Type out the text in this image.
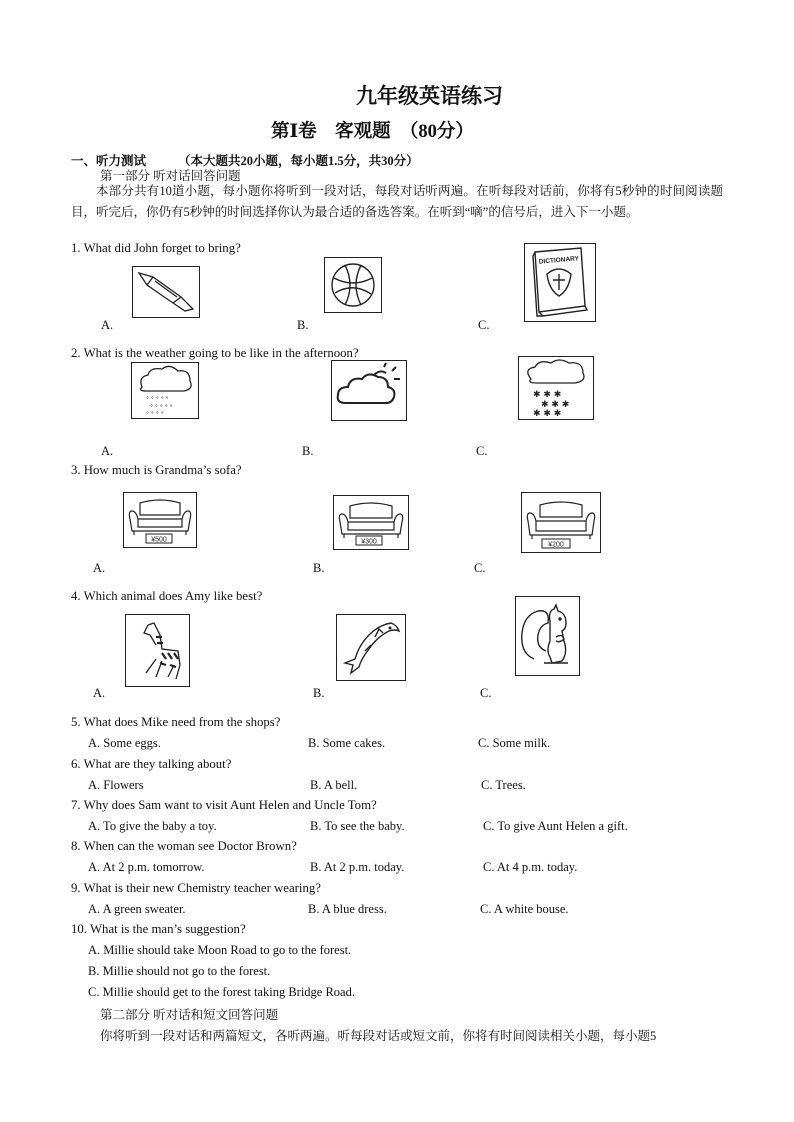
九年级英语练习
第Ⅰ卷　客观题　（80分）
一、听力测试	（本大题共20小题，每小题1.5分，共30分）
第一部分 听对话回答问题
本部分共有10道小题，每小题你将听到一段对话，每段对话听两遍。在听每段对话前，你将有5秒钟的时间阅读题目，听完后，你仍有5秒钟的时间选择你认为最合适的备选答案。在听到“嘀”的信号后，进入下一小题。
1. What did John forget to bring?
DICTIONARY
A.	B.	C.
2. What is the weather going to be like in the afternoon?
° ° ° ° °
° ° ° ° °
° ° ° °
✱ ✱ ✱
✱ ✱ ✱
✱ ✱ ✱
A.	B.	C.
3. How much is Grandma’s sofa?
¥500	¥300	¥200
A.	B.	C.
4. Which animal does Amy like best?
A.	B.	C.
5. What does Mike need from the shops?
A. Some eggs.	B. Some cakes.	C. Some milk.
6. What are they talking about?
A. Flowers	B. A bell.	C. Trees.
7. Why does Sam want to visit Aunt Helen and Uncle Tom?
A. To give the baby a toy.	B. To see the baby.	C. To give Aunt Helen a gift.
8. When can the woman see Doctor Brown?
A. At 2 p.m. tomorrow.	B. At 2 p.m. today.	C. At 4 p.m. today.
9. What is their new Chemistry teacher wearing?
A. A green sweater.	B. A blue dress.	C. A white bouse.
10. What is the man’s suggestion?
A. Millie should take Moon Road to go to the forest.
B. Millie should not go to the forest.
C. Millie should get to the forest taking Bridge Road.
第二部分 听对话和短文回答问题
你将听到一段对话和两篇短文，各听两遍。听每段对话或短文前，你将有时间阅读相关小题，每小题5
